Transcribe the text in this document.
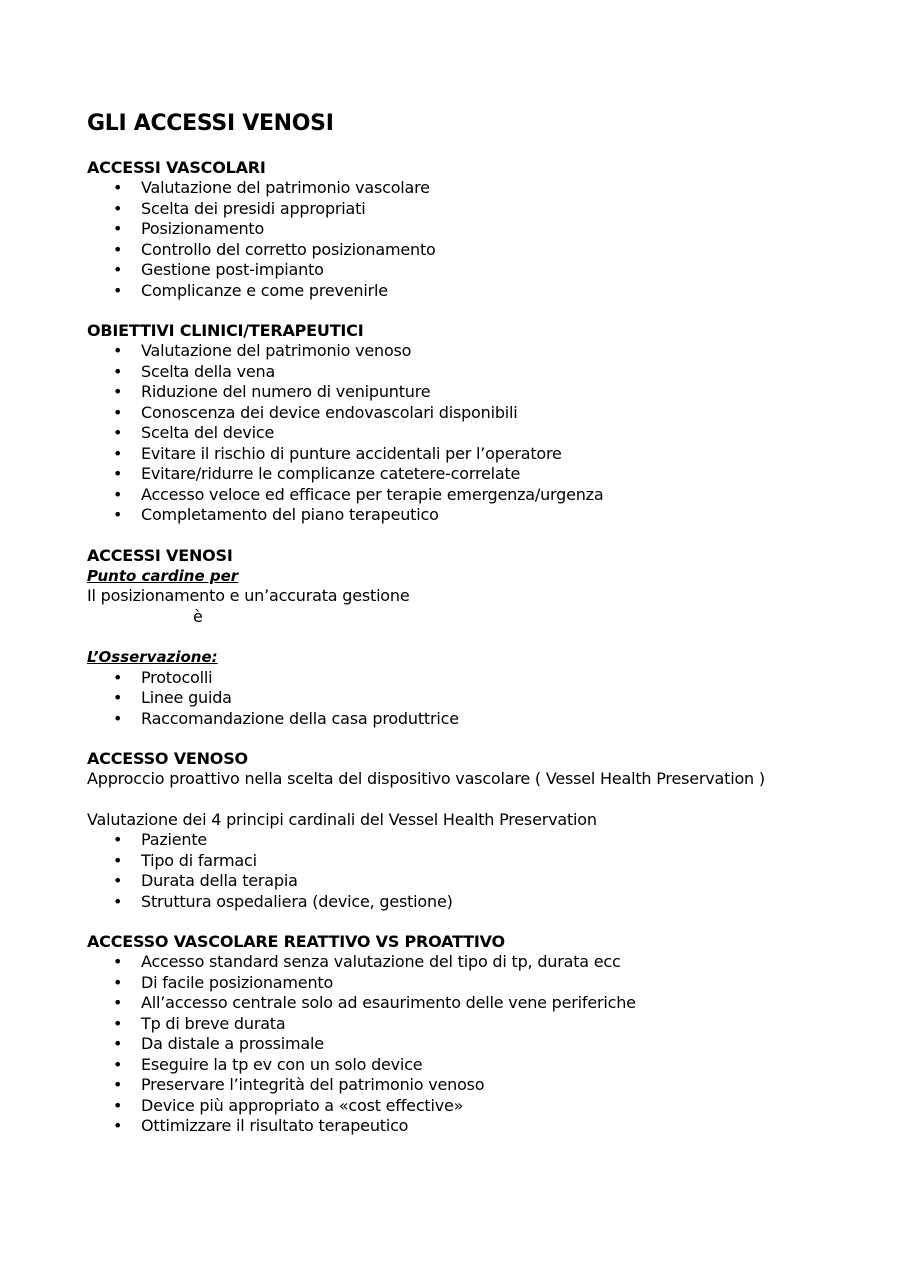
GLI ACCESSI VENOSI
ACCESSI VASCOLARI
• Valutazione del patrimonio vascolare
• Scelta dei presidi appropriati
• Posizionamento
• Controllo del corretto posizionamento
• Gestione post-impianto
• Complicanze e come prevenirle
OBIETTIVI CLINICI/TERAPEUTICI
• Valutazione del patrimonio venoso
• Scelta della vena
• Riduzione del numero di venipunture
• Conoscenza dei device endovascolari disponibili
• Scelta del device
• Evitare il rischio di punture accidentali per l’operatore
• Evitare/ridurre le complicanze catetere-correlate
• Accesso veloce ed efficace per terapie emergenza/urgenza
• Completamento del piano terapeutico
ACCESSI VENOSI

Punto cardine per

Il posizionamento e un’accurata gestione

è

L’Osservazione:

• Protocolli
• Linee guida
• Raccomandazione della casa produttrice
ACCESSO VENOSO

Approccio proattivo nella scelta del dispositivo vascolare ( Vessel Health Preservation )

Valutazione dei 4 principi cardinali del Vessel Health Preservation

• Paziente
• Tipo di farmaci
• Durata della terapia
• Struttura ospedaliera (device, gestione)
ACCESSO VASCOLARE REATTIVO VS PROATTIVO
• Accesso standard senza valutazione del tipo di tp, durata ecc
• Di facile posizionamento
• All’accesso centrale solo ad esaurimento delle vene periferiche
• Tp di breve durata
• Da distale a prossimale
• Eseguire la tp ev con un solo device
• Preservare l’integrità del patrimonio venoso
• Device più appropriato a «cost effective»
• Ottimizzare il risultato terapeutico
